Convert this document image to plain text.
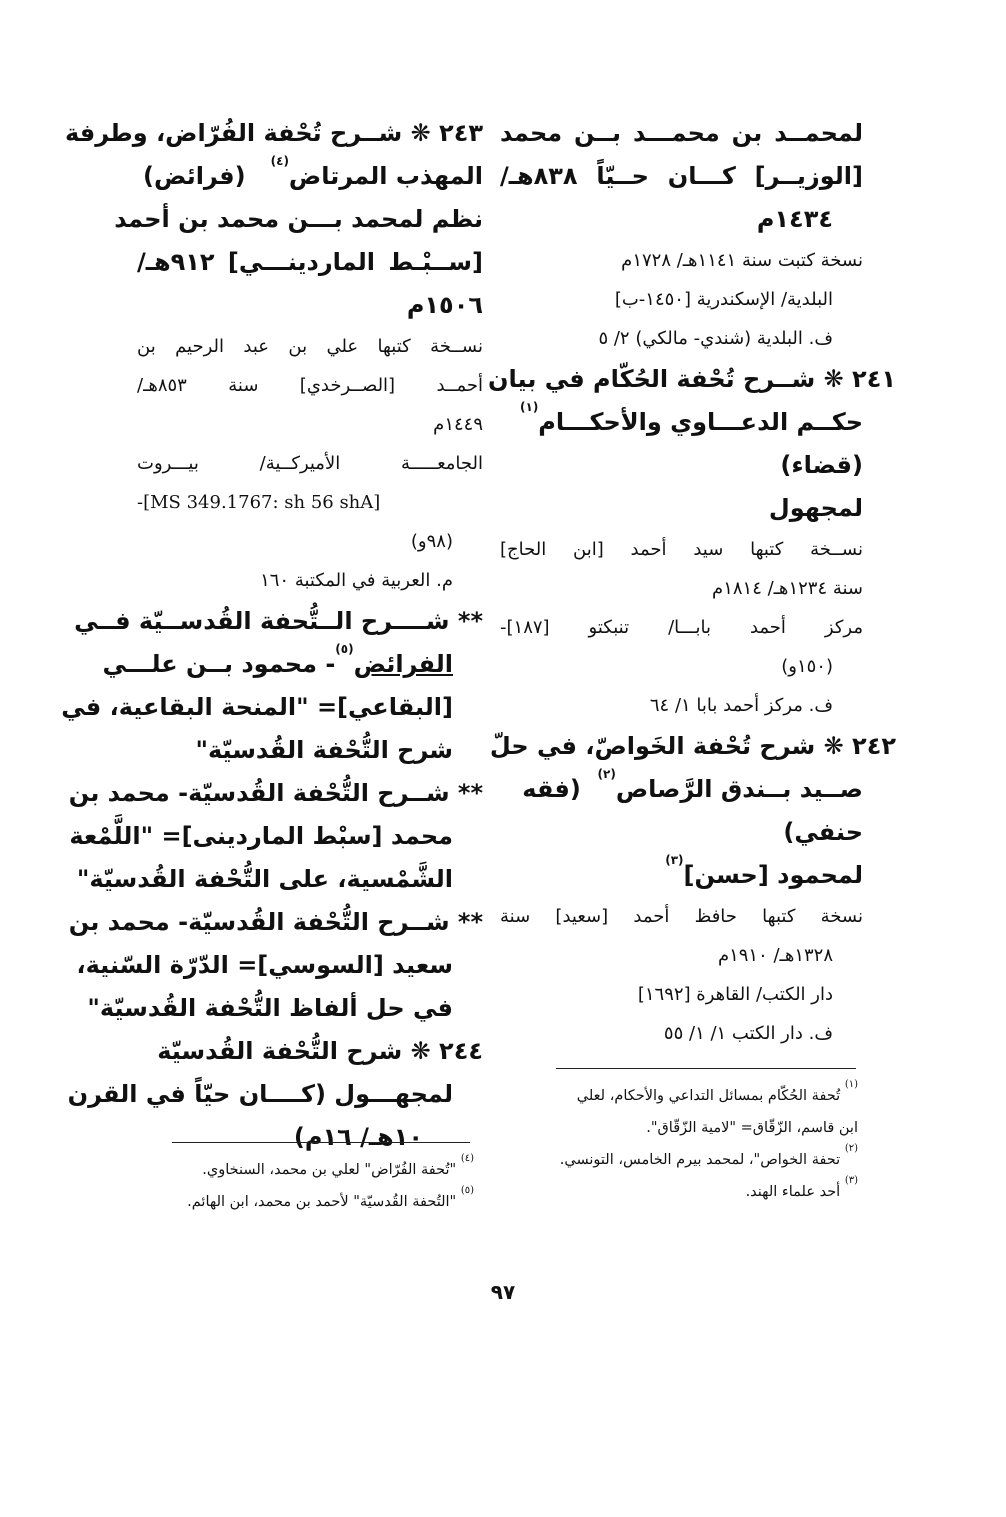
لمحمــد بن محمـــد بــن محمد
[الوزيــر] كـــان حــيّاً ٨٣٨هـ/
١٤٣٤م
نسخة كتبت سنة ١١٤١هـ/ ١٧٢٨م
البلدية/ الإسكندرية [١٤٥٠-ب]
ف. البلدية (شندي- مالكي) ٢/ ٥
٢٤١ ❋ شــرح تُحْفة الحُكّام في بيان
حكــم الدعـــاوي والأحكـــام$^{(١)}$
(قضاء)
لمجهول
نســخة كتبها سيد أحمد [ابن الحاج]
سنة ١٢٣٤هـ/ ١٨١٤م
مركز أحمد بابـــا/ تنبكتو [١٨٧]-
(١٥٠و)
ف. مركز أحمد بابا ١/ ٦٤
٢٤٢ ❋ شرح تُحْفة الخَواصّ، في حلّ
صــيد بــندق الرَّصاص$^{(٢)}$  (فقه
حنفي)
لمحمود [حسن]$^{(٣)}$
نسخة كتبها حافظ أحمد [سعيد] سنة
١٣٢٨هـ/ ١٩١٠م
دار الكتب/ القاهرة [١٦٩٢]
ف. دار الكتب ١/ ١/ ٥٥
٢٤٣ ❋ شــرح تُحْفة الفُرّاض، وطرفة
المهذب المرتاض$^{(٤)}$   (فرائض)
نظم لمحمد بـــن محمد بن أحمد
[ســبْـط الماردينـــي] ٩١٢هـ/
١٥٠٦م
نســخة كتبها علي بن عبد الرحيم بن
أحمــد [الصــرخدي] سنة ٨٥٣هـ/
١٤٤٩م
الجامعـــــة الأميركــية/ بيـــروت
-[MS 349.1767: sh 56 shA]
(٩٨و)
م. العربية في المكتبة ١٦٠
** شــــرح الــتُّحفة القُدســيّة فــي
الفرائض$^{(٥)}$- محمود بــن علـــي
[البقاعي]= "المنحة البقاعية، في
شرح التُّحْفة القُدسيّة"
** شــرح التُّحْفة القُدسيّة- محمد بن
محمد [سبْط الماردينى]= "اللَّمْعة
الشَّمْسية، على التُّحْفة القُدسيّة"
** شــرح التُّحْفة القُدسيّة- محمد بن
سعيد [السوسي]= الدّرّة السّنية،
في حل ألفاظ التُّحْفة القُدسيّة"
٢٤٤ ❋ شرح التُّحْفة القُدسيّة
لمجهـــول (كــــان حيّاً في القرن
١٠هـ/ ١٦م)
$^{(١)}$ تُحفة الحُكّام بمسائل التداعي والأحكام، لعلي
ابن قاسم، الزّقّاق= "لامية الزّقّاق".
$^{(٢)}$ تحفة الخواص"، لمحمد بيرم الخامس، التونسي.
$^{(٣)}$ أحد علماء الهند.
$^{(٤)}$ "تُحفة الفُرّاض" لعلي بن محمد، السنخاوي.
$^{(٥)}$ "التُحفة القُدسيّة" لأحمد بن محمد، ابن الهائم.
٩٧
